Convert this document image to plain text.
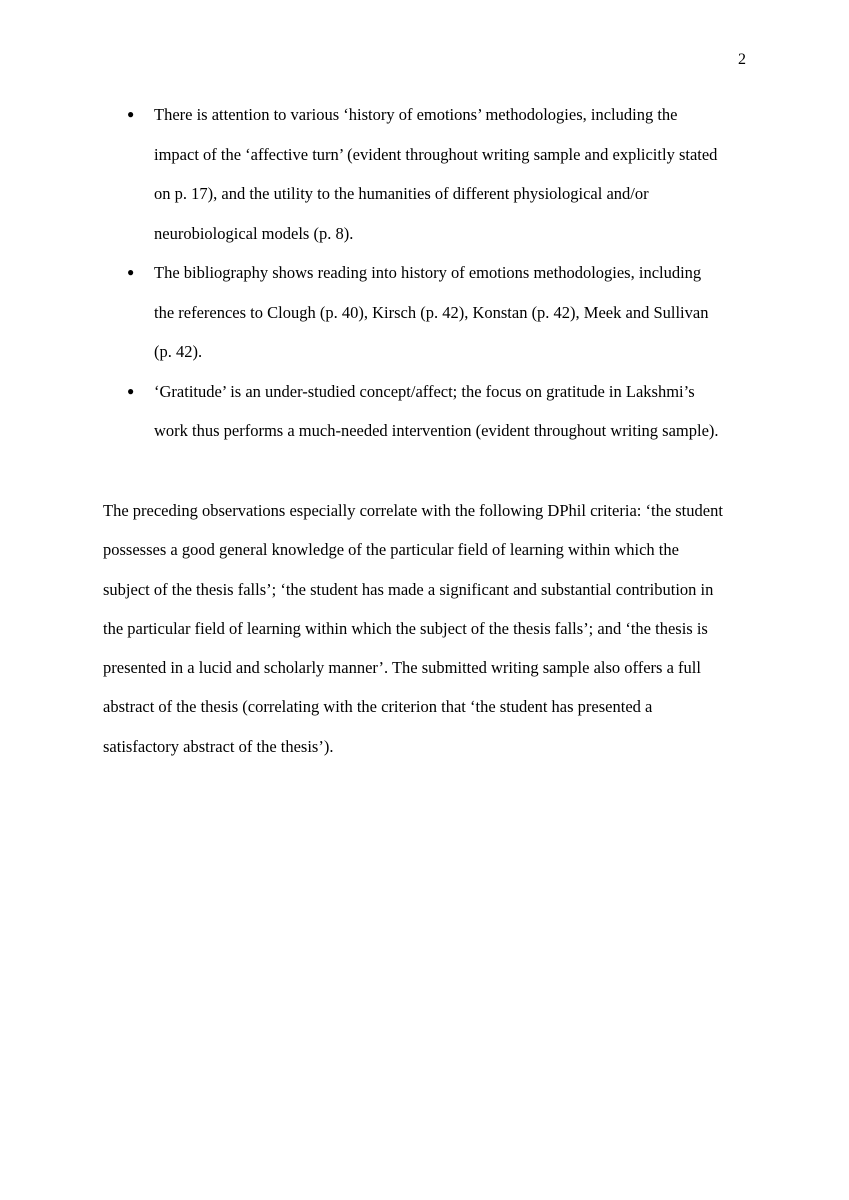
2
● There is attention to various ‘history of emotions’ methodologies, including the
impact of the ‘affective turn’ (evident throughout writing sample and explicitly stated
on p. 17), and the utility to the humanities of different physiological and/or
neurobiological models (p. 8).
● The bibliography shows reading into history of emotions methodologies, including
the references to Clough (p. 40), Kirsch (p. 42), Konstan (p. 42), Meek and Sullivan
(p. 42).
● ‘Gratitude’ is an under-studied concept/affect; the focus on gratitude in Lakshmi’s
work thus performs a much-needed intervention (evident throughout writing sample).

The preceding observations especially correlate with the following DPhil criteria: ‘the student
possesses a good general knowledge of the particular field of learning within which the
subject of the thesis falls’; ‘the student has made a significant and substantial contribution in
the particular field of learning within which the subject of the thesis falls’; and ‘the thesis is
presented in a lucid and scholarly manner’. The submitted writing sample also offers a full
abstract of the thesis (correlating with the criterion that ‘the student has presented a
satisfactory abstract of the thesis’).
